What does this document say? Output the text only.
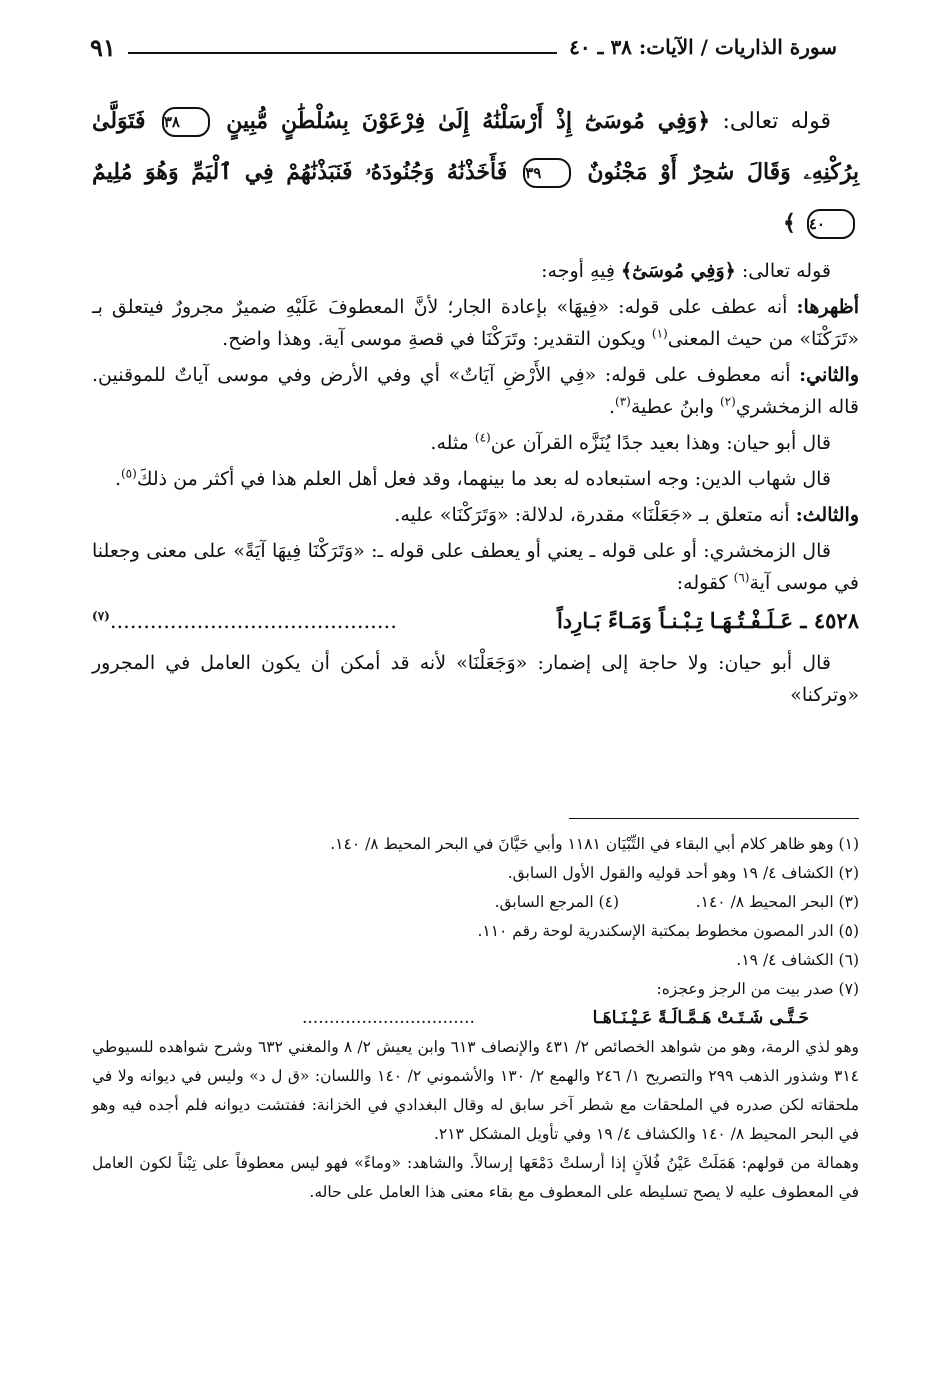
سورة الذاريات / الآيات: ٣٨ ـ ٤٠
٩١

قوله تعالى: ﴿وَفِي مُوسَىٰٓ إِذْ أَرْسَلْنَٰهُ إِلَىٰ فِرْعَوْنَ بِسُلْطَٰنٍ مُّبِينٍ ٣٨ فَتَوَلَّىٰ بِرُكْنِهِۦ وَقَالَ سَٰحِرٌ أَوْ مَجْنُونٌ ٣٩ فَأَخَذْنَٰهُ وَجُنُودَهُۥ فَنَبَذْنَٰهُمْ فِي ٱلْيَمِّ وَهُوَ مُلِيمٌ ٤٠ ﴾

قوله تعالى: ﴿وَفِي مُوسَىٰٓ﴾ فِيهِ أوجه:

أظهرها: أنه عطف على قوله: «فِيهَا» بإعادة الجار؛ لأنَّ المعطوفَ عَلَيْهِ ضميرٌ مجرورٌ فيتعلق بـ «تَرَكْنَا» من حيث المعنى$^{(١)}$ ويكون التقدير: وتَرَكْنَا في قصةِ موسى آية. وهذا واضح.

والثاني: أنه معطوف على قوله: «فِي الأَرْضِ آيَاتٌ» أي وفي الأرض وفي موسى آياتٌ للموقنين. قاله الزمخشري$^{(٢)}$ وابنُ عطية$^{(٣)}$.

قال أبو حيان: وهذا بعيد جدًا يُنَزَّه القرآن عن$^{(٤)}$ مثله.

قال شهاب الدين: وجه استبعاده له بعد ما بينهما، وقد فعل أهل العلم هذا في أكثر من ذلكَ$^{(٥)}$.

والثالث: أنه متعلق بـ «جَعَلْنَا» مقدرة، لدلالة: «وَتَرَكْنَا» عليه.

قال الزمخشري: أو على قوله ـ يعني أو يعطف على قوله ـ: «وَتَرَكْنَا فِيهَا آيَةً» على معنى وجعلنا في موسى آية$^{(٦)}$ كقوله:

٤٥٢٨ ـ عَـلَـفْـتُـهَـا تِـبْـنـاً وَمَـاءً بَـارِداً
...........................................$^{(٧)}$

قال أبو حيان: ولا حاجة إلى إضمار: «وَجَعَلْنَا» لأنه قد أمكن أن يكون العامل في المجرور «وتركنا»

(١) وهو ظاهر كلام أبي البقاء في التِّبْيَان ١١٨١ وأبي حَيَّانَ في البحر المحيط ٨/ ١٤٠.

(٢) الكشاف ٤/ ١٩ وهو أحد قوليه والقول الأول السابق.

(٣) البحر المحيط ٨/ ١٤٠.
(٤) المرجع السابق.

(٥) الدر المصون مخطوط بمكتبة الإسكندرية لوحة رقم ١١٠.

(٦) الكشاف ٤/ ١٩.

(٧) صدر بيت من الرجز وعجزه:

حَـتَّـى شَـتَـتْ هَـمَّـالَـةً عَـيْـنَـاهَـا
................................

وهو لذي الرمة، وهو من شواهد الخصائص ٢/ ٤٣١ والإنصاف ٦١٣ وابن يعيش ٢/ ٨ والمغني ٦٣٢ وشرح شواهده للسيوطي ٣١٤ وشذور الذهب ٢٩٩ والتصريح ١/ ٢٤٦ والهمع ٢/ ١٣٠ والأشموني ٢/ ١٤٠ واللسان: «ق ل د» وليس في ديوانه ولا في ملحقاته لكن صدره في الملحقات مع شطر آخر سابق له وقال البغدادي في الخزانة: ففتشت ديوانه فلم أجده فيه وهو في البحر المحيط ٨/ ١٤٠ والكشاف ٤/ ١٩ وفي تأويل المشكل ٢١٣.

وهمالة من قولهم: هَمَلَتْ عَيْنُ فُلاَنٍ إذا أرسلتْ دَمْعَها إرسالاً. والشاهد: «وماءً» فهو ليس معطوفاً على تِبْناً لكون العامل في المعطوف عليه لا يصح تسليطه على المعطوف مع بقاء معنى هذا العامل على حاله.
